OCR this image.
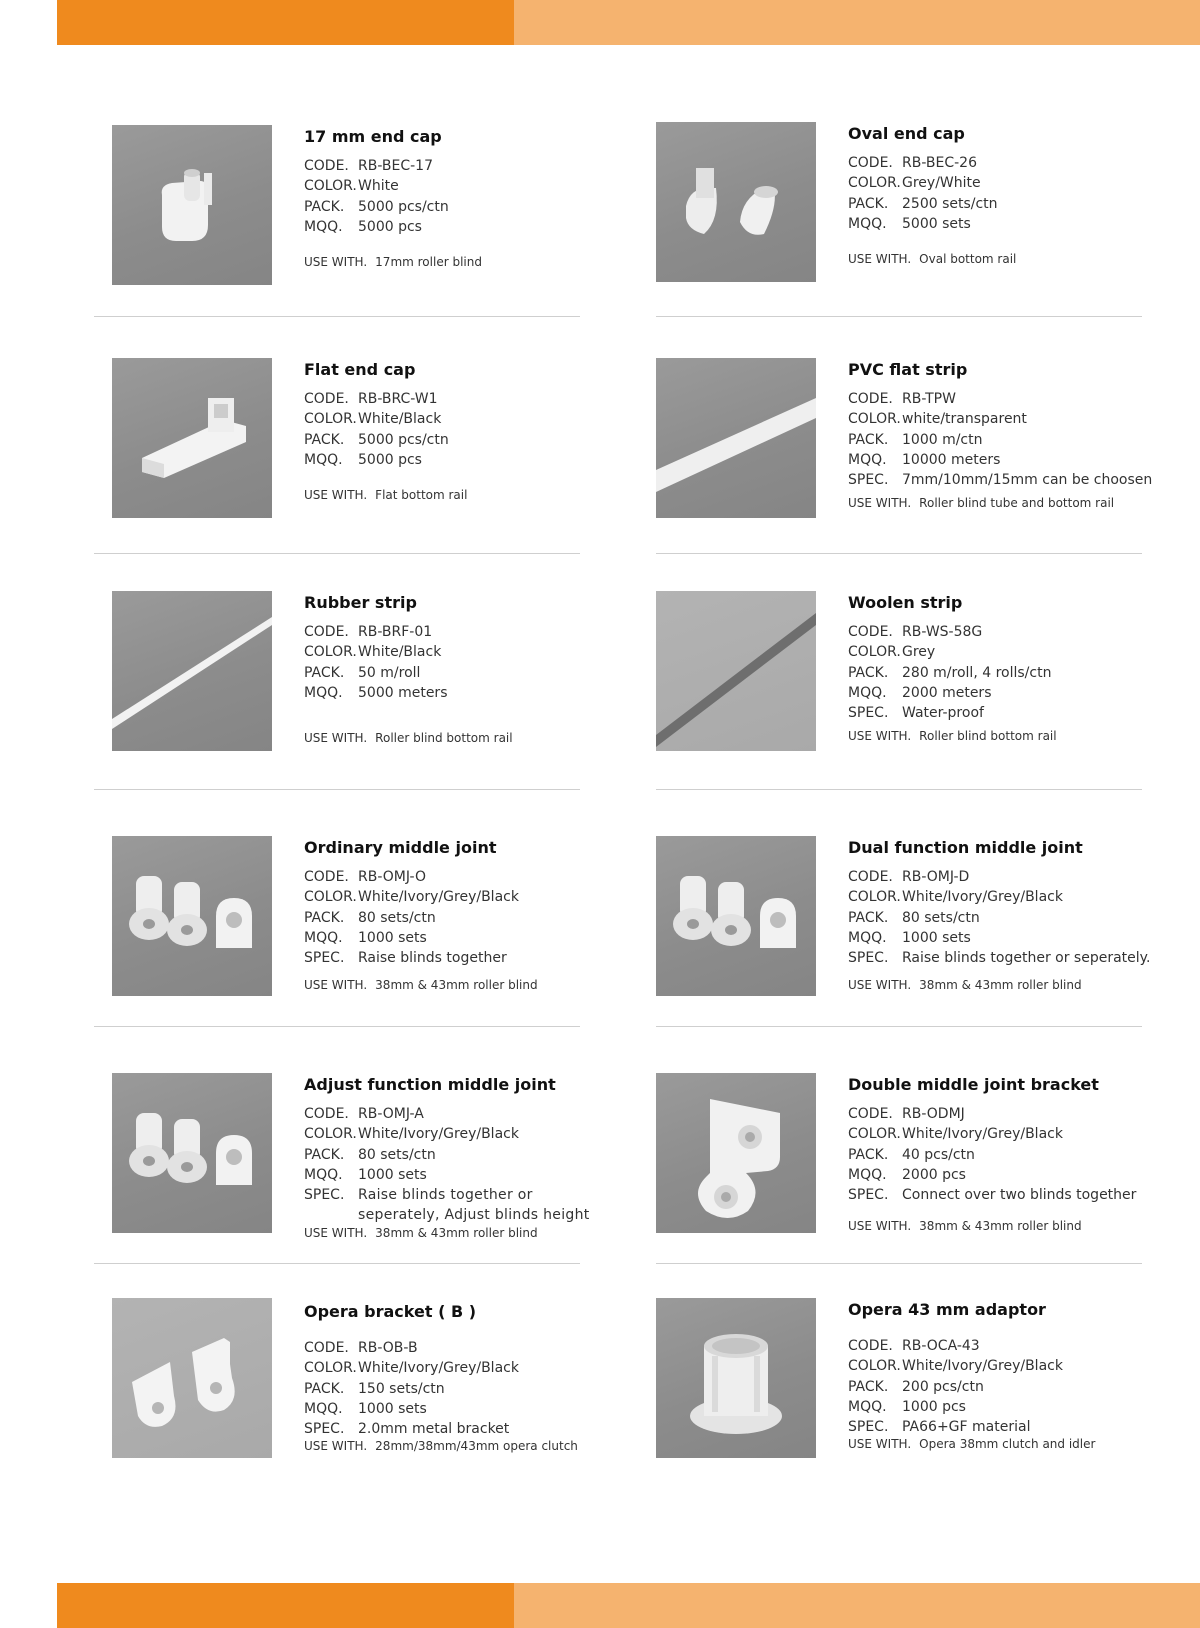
17 mm end cap
CODE. RB-BEC-17
COLOR. White
PACK. 5000 pcs/ctn
MQQ.	5000 pcs
USE WITH. 17mm roller blind
Oval end cap
CODE. RB-BEC-26
COLOR. Grey/White
PACK. 2500 sets/ctn
MQQ.	5000 sets
USE WITH. Oval bottom rail
Flat end cap
CODE. RB-BRC-W1
COLOR. White/Black
PACK. 5000 pcs/ctn
MQQ.	5000 pcs
USE WITH. Flat bottom rail
PVC flat strip
CODE. RB-TPW
COLOR. white/transparent
PACK. 1000 m/ctn
MQQ.	10000 meters
SPEC. 7mm/10mm/15mm can be choosen
USE WITH. Roller blind tube and bottom rail
Rubber strip
CODE. RB-BRF-01
COLOR. White/Black
PACK. 50 m/roll
MQQ.	5000 meters
USE WITH. Roller blind bottom rail
Woolen strip
CODE. RB-WS-58G
COLOR. Grey
PACK. 280 m/roll, 4 rolls/ctn
MQQ.	2000 meters
SPEC. Water-proof
USE WITH. Roller blind bottom rail
Ordinary middle joint
CODE. RB-OMJ-O
COLOR. White/Ivory/Grey/Black
PACK. 80 sets/ctn
MQQ.	1000 sets
SPEC. Raise blinds together
USE WITH. 38mm & 43mm roller blind
Dual function middle joint
CODE. RB-OMJ-D
COLOR. White/Ivory/Grey/Black
PACK. 80 sets/ctn
MQQ.	1000 sets
SPEC. Raise blinds together or seperately.
USE WITH. 38mm & 43mm roller blind
Adjust function middle joint
CODE. RB-OMJ-A
COLOR. White/Ivory/Grey/Black
PACK. 80 sets/ctn
MQQ.	1000 sets
SPEC. Raise blinds together or seperately, Adjust blinds height
USE WITH. 38mm & 43mm roller blind
Double middle joint bracket
CODE. RB-ODMJ
COLOR. White/Ivory/Grey/Black
PACK. 40 pcs/ctn
MQQ.	2000 pcs
SPEC. Connect over two blinds together
USE WITH. 38mm & 43mm roller blind
Opera bracket ( B )
CODE. RB-OB-B
COLOR. White/Ivory/Grey/Black
PACK. 150 sets/ctn
MQQ.	1000 sets
SPEC. 2.0mm metal bracket
USE WITH. 28mm/38mm/43mm opera clutch
Opera 43 mm adaptor
CODE. RB-OCA-43
COLOR. White/Ivory/Grey/Black
PACK. 200 pcs/ctn
MQQ.	1000 pcs
SPEC. PA66+GF material
USE WITH. Opera 38mm clutch and idler
